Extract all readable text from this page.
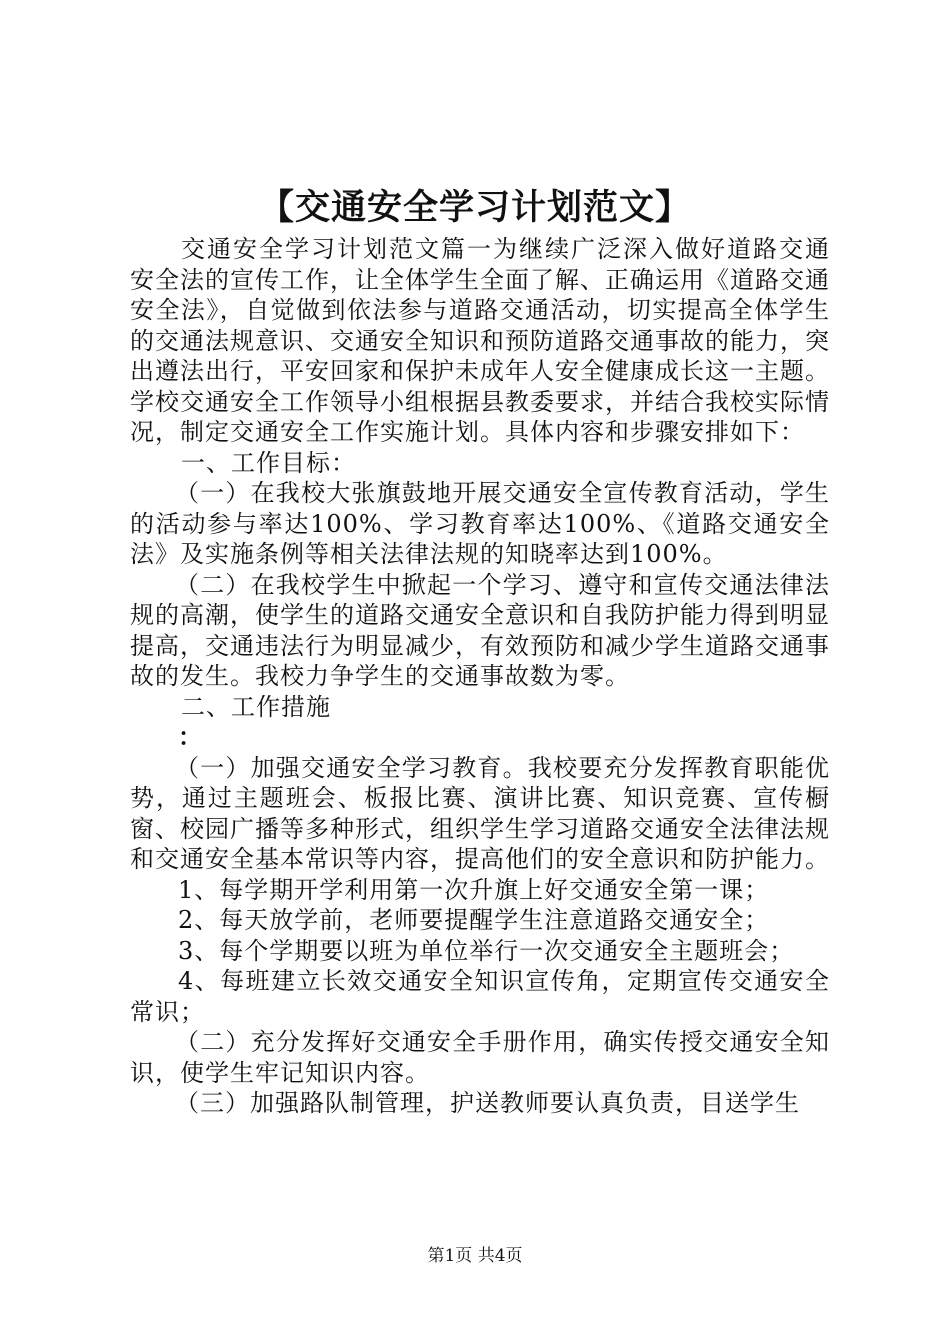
【交通安全学习计划范文】

交通安全学习计划范文篇一为继续广泛深入做好道路交通安全法的宣传工作，让全体学生全面了解、正确运用《道路交通安全法》，自觉做到依法参与道路交通活动，切实提高全体学生的交通法规意识、交通安全知识和预防道路交通事故的能力，突出遵法出行，平安回家和保护未成年人安全健康成长这一主题。学校交通安全工作领导小组根据县教委要求，并结合我校实际情况，制定交通安全工作实施计划。具体内容和步骤安排如下：

一、工作目标：

（一）在我校大张旗鼓地开展交通安全宣传教育活动，学生的活动参与率达100%、学习教育率达100%、《道路交通安全法》及实施条例等相关法律法规的知晓率达到100%。

（二）在我校学生中掀起一个学习、遵守和宣传交通法律法规的高潮，使学生的道路交通安全意识和自我防护能力得到明显提高，交通违法行为明显减少，有效预防和减少学生道路交通事故的发生。我校力争学生的交通事故数为零。

二、工作措施

：

（一）加强交通安全学习教育。我校要充分发挥教育职能优势，通过主题班会、板报比赛、演讲比赛、知识竞赛、宣传橱窗、校园广播等多种形式，组织学生学习道路交通安全法律法规和交通安全基本常识等内容，提高他们的安全意识和防护能力。

1、每学期开学利用第一次升旗上好交通安全第一课；

2、每天放学前，老师要提醒学生注意道路交通安全；

3、每个学期要以班为单位举行一次交通安全主题班会；

4、每班建立长效交通安全知识宣传角，定期宣传交通安全常识；

（二）充分发挥好交通安全手册作用，确实传授交通安全知识，使学生牢记知识内容。

（三）加强路队制管理，护送教师要认真负责，目送学生

第1页 共4页
